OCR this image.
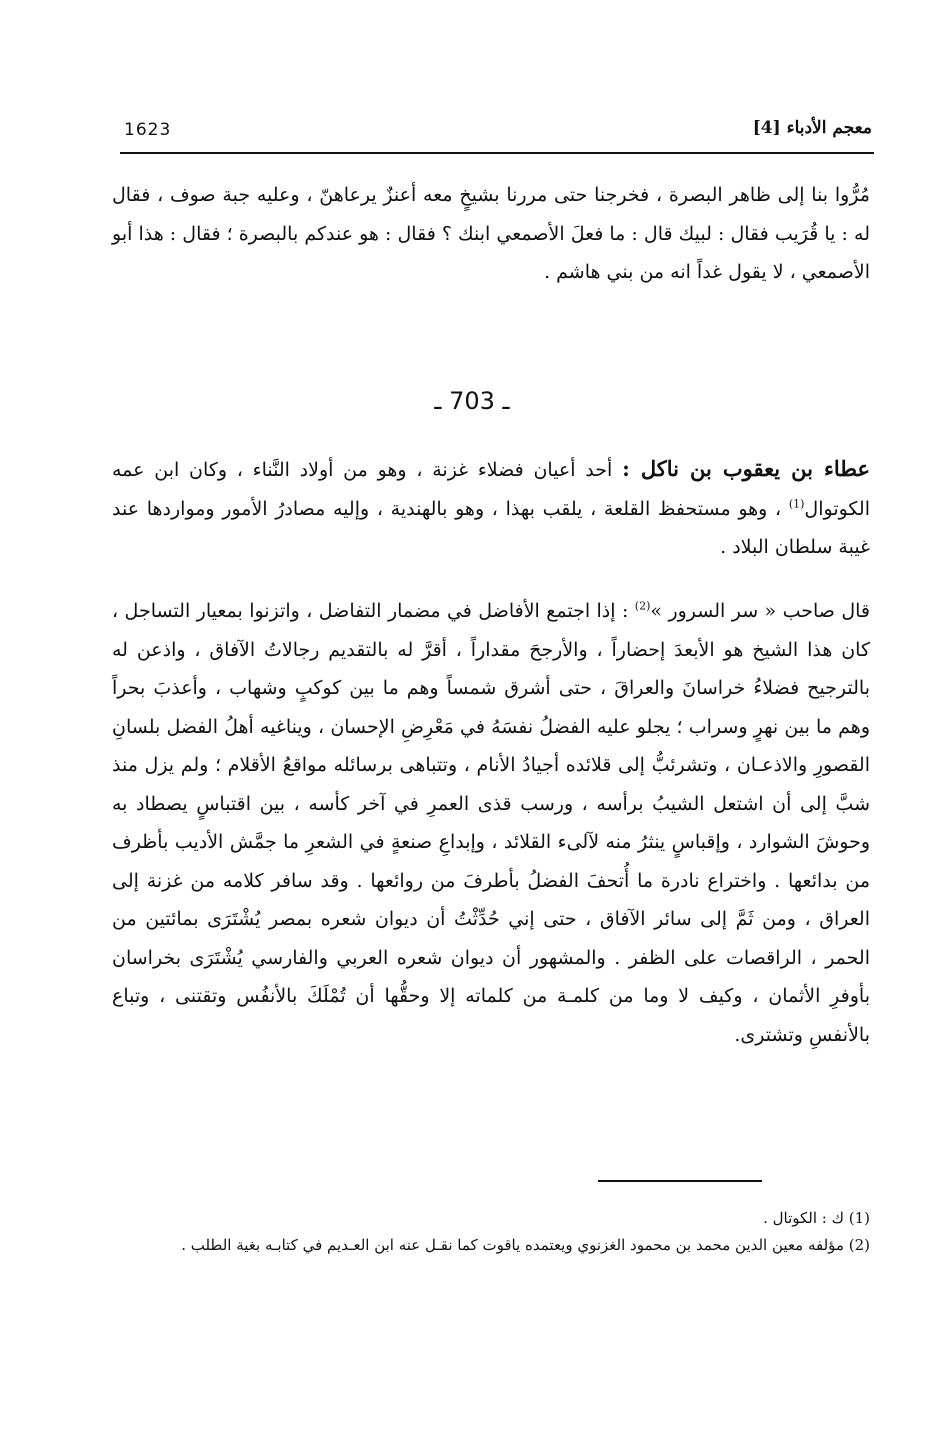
1623	معجم الأدباء [4]
مُرُّوا بنا إلى ظاهر البصرة ، فخرجنا حتى مررنا بشيخٍ معه أعنزٌ يرعاهنّ ، وعليه جبة صوف ، فقال له : يا قُرَيب فقال : لبيك قال : ما فعلَ الأصمعي ابنك ؟ فقال : هو عندكم بالبصرة ؛ فقال : هذا أبو الأصمعي ، لا يقول غداً انه من بني هاشم .
ـ 703 ـ
عطاء بن يعقوب بن ناكل : أحد أعيان فضلاء غزنة ، وهو من أولاد النَّناء ، وكان ابن عمه الكوتوال$^{(1)}$ ، وهو مستحفظ القلعة ، يلقب بهذا ، وهو بالهندية ، وإليه مصادرُ الأمور ومواردها عند غيبة سلطان البلاد .
قال صاحب « سر السرور »$^{(2)}$ : إذا اجتمع الأفاضل في مضمار التفاضل ، واتزنوا بمعيار التساجل ، كان هذا الشيخ هو الأبعدَ إحضاراً ، والأرجحَ مقداراً ، أقرَّ له بالتقديم رجالاتُ الآفاق ، واذعن له بالترجيح فضلاءُ خراسانَ والعراقَ ، حتى أشرق شمساً وهم ما بين كوكبٍ وشهاب ، وأعذبَ بحراً وهم ما بين نهرٍ وسراب ؛ يجلو عليه الفضلُ نفسَهُ في مَعْرِضِ الإحسان ، ويناغيه أهلُ الفضل بلسانِ القصورِ والاذعـان ، وتشرئبُّ إلى قلائده أجيادُ الأنام ، وتتباهى برسائله مواقعُ الأقلام ؛ ولم يزل منذ شبَّ إلى أن اشتعل الشيبُ برأسه ، ورسب قذى العمرِ في آخر كأسه ، بين اقتباسٍ يصطاد به وحوشَ الشوارد ، وإقباسٍ ينثرُ منه لآلىء القلائد ، وإبداعِ صنعةٍ في الشعرِ ما جمَّش الأديب بأظرف من بدائعها . واختراع نادرة ما أُتحفَ الفضلُ بأطرفَ من روائعها . وقد سافر كلامه من غزنة إلى العراق ، ومن ثَمَّ إلى سائر الآفاق ، حتى إني حُدِّثْتُ أن ديوان شعره بمصر يُشْتَرَى بمائتين من الحمر ، الراقصات على الظفر . والمشهور أن ديوان شعره العربي والفارسي يُشْتَرَى بخراسان بأوفرِ الأثمان ، وكيف لا وما من كلمـة من كلماته إلا وحقُّها أن تُمْلَكَ بالأنفُس وتقتنى ، وتباع بالأنفسِ وتشترى.

(1) ك : الكوتال .

(2) مؤلفه معين الدين محمد بن محمود الغزنوي ويعتمده ياقوت كما نقـل عنه ابن العـديم في كتابـه بغية الطلب .
